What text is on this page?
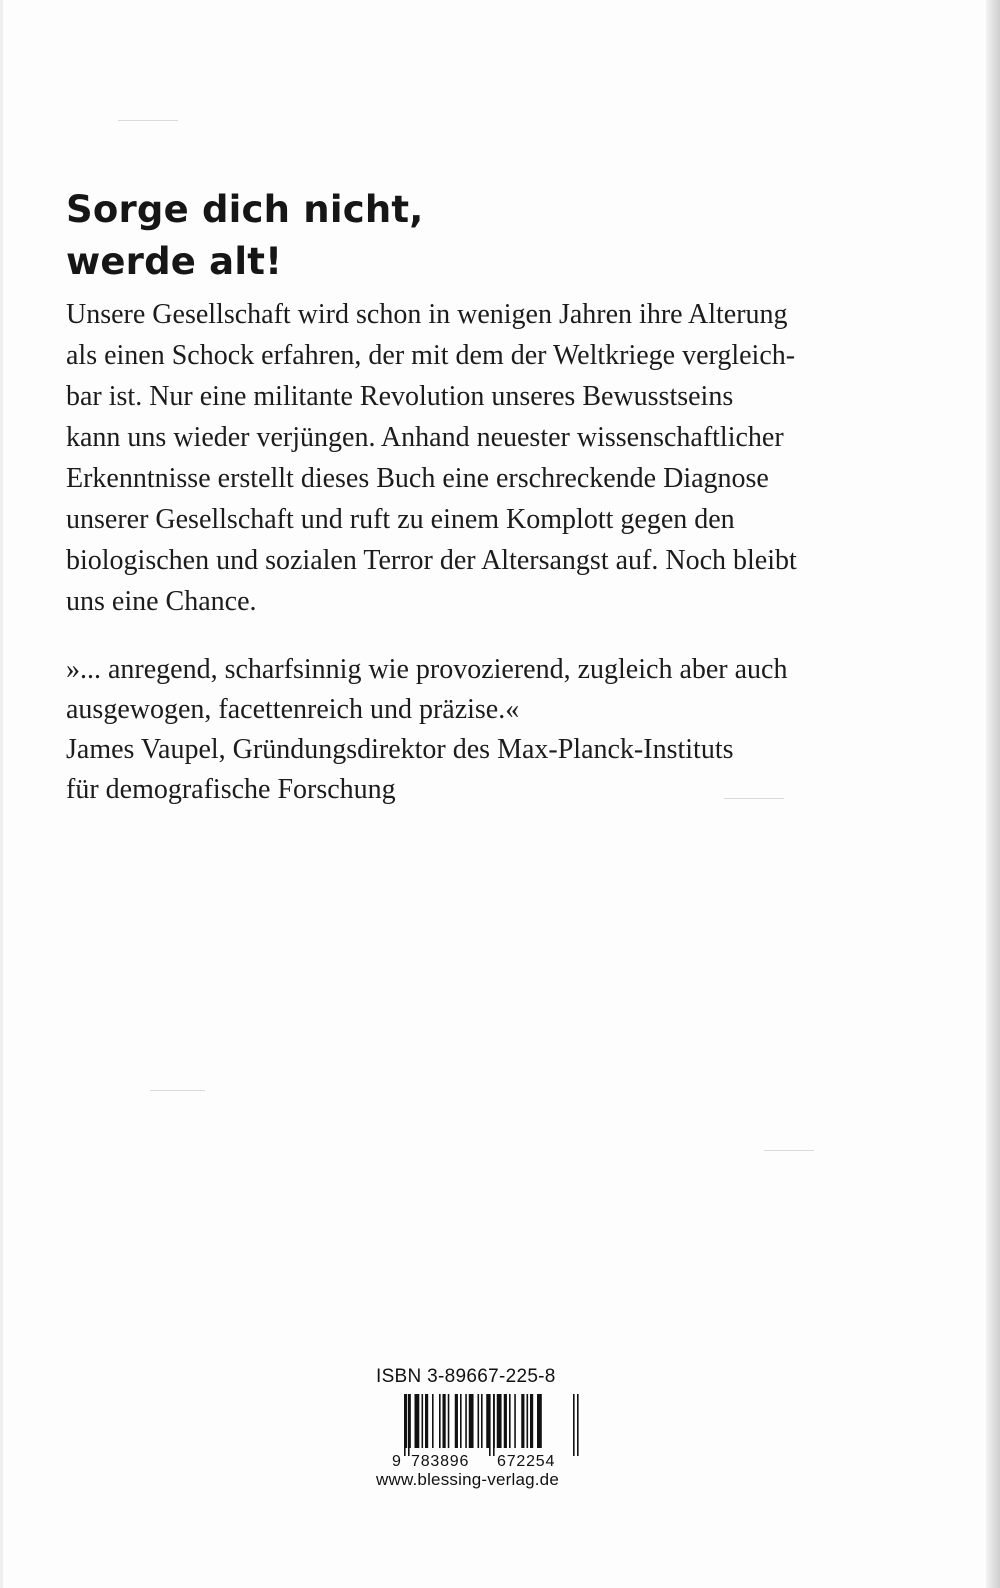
Sorge dich nicht,
werde alt!
Unsere Gesellschaft wird schon in wenigen Jahren ihre Alterung
als einen Schock erfahren, der mit dem der Weltkriege vergleich-
bar ist. Nur eine militante Revolution unseres Bewusstseins
kann uns wieder verjüngen. Anhand neuester wissenschaftlicher
Erkenntnisse erstellt dieses Buch eine erschreckende Diagnose
unserer Gesellschaft und ruft zu einem Komplott gegen den
biologischen und sozialen Terror der Altersangst auf. Noch bleibt
uns eine Chance.
»... anregend, scharfsinnig wie provozierend, zugleich aber auch
ausgewogen, facettenreich und präzise.«
James Vaupel, Gründungsdirektor des Max-Planck-Instituts
für demografische Forschung
ISBN 3-89667-225-8
9 783896 672254
www.blessing-verlag.de
